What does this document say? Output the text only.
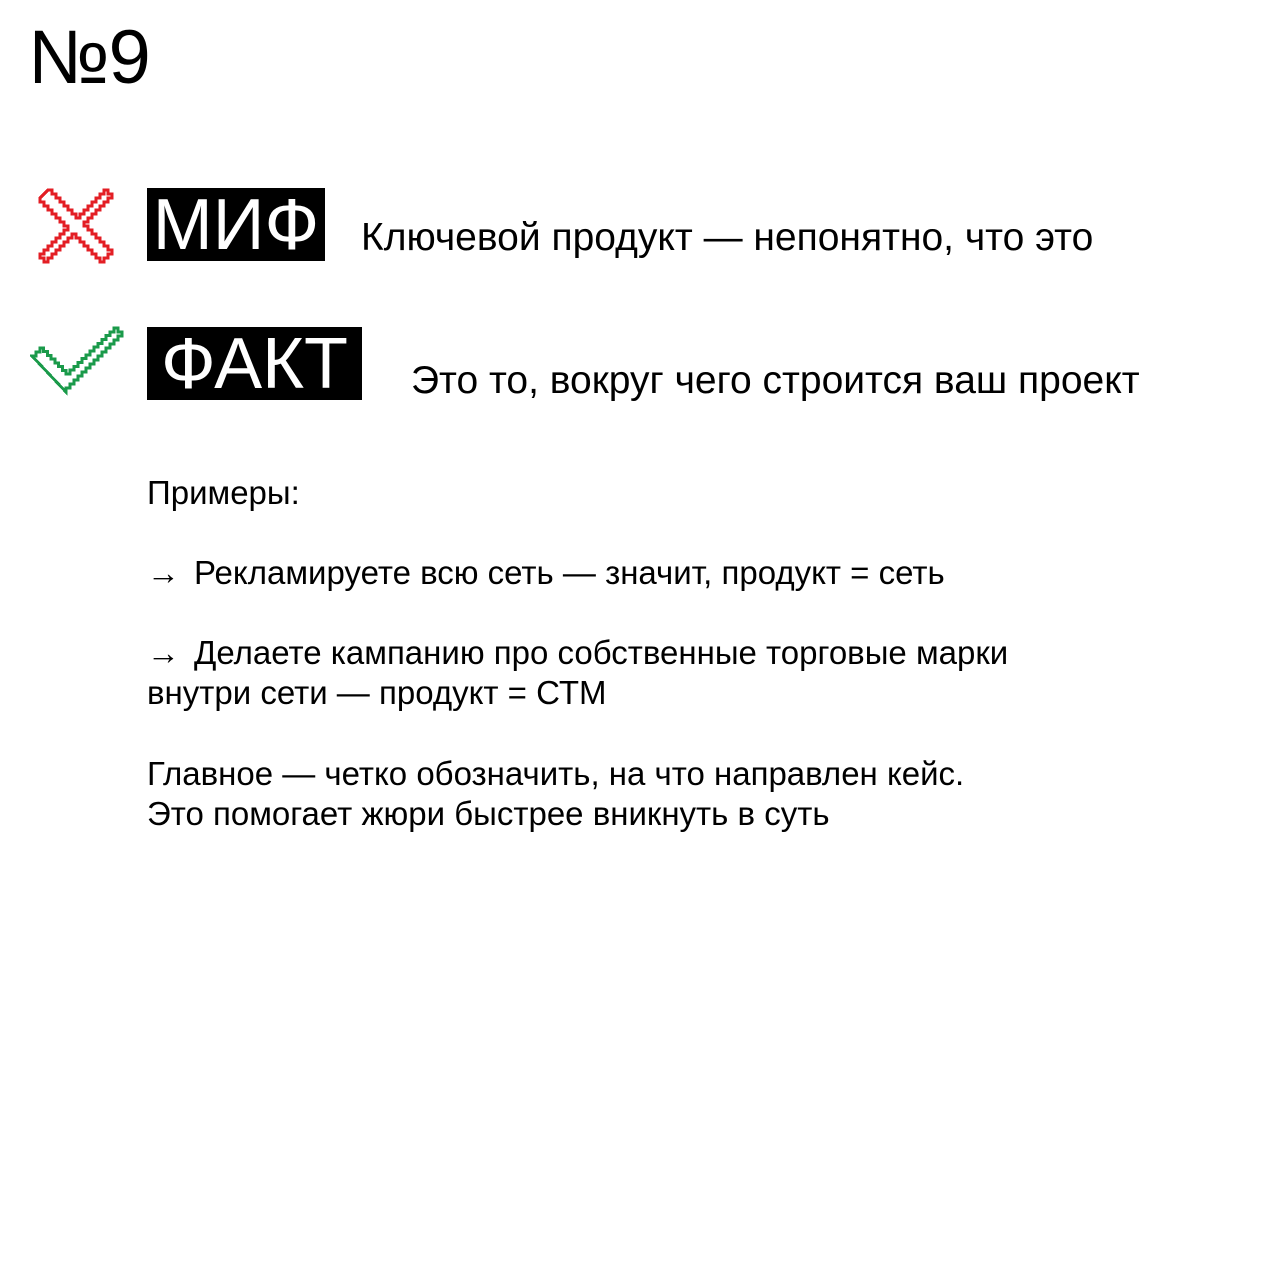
№9
МИФ Ключевой продукт — непонятно, что это
ФАКТ Это то, вокруг чего строится ваш проект
Примеры:
→ Рекламируете всю сеть — значит, продукт = сеть
→ Делаете кампанию про собственные торговые марки
внутри сети — продукт = СТМ
Главное — четко обозначить, на что направлен кейс.
Это помогает жюри быстрее вникнуть в суть
